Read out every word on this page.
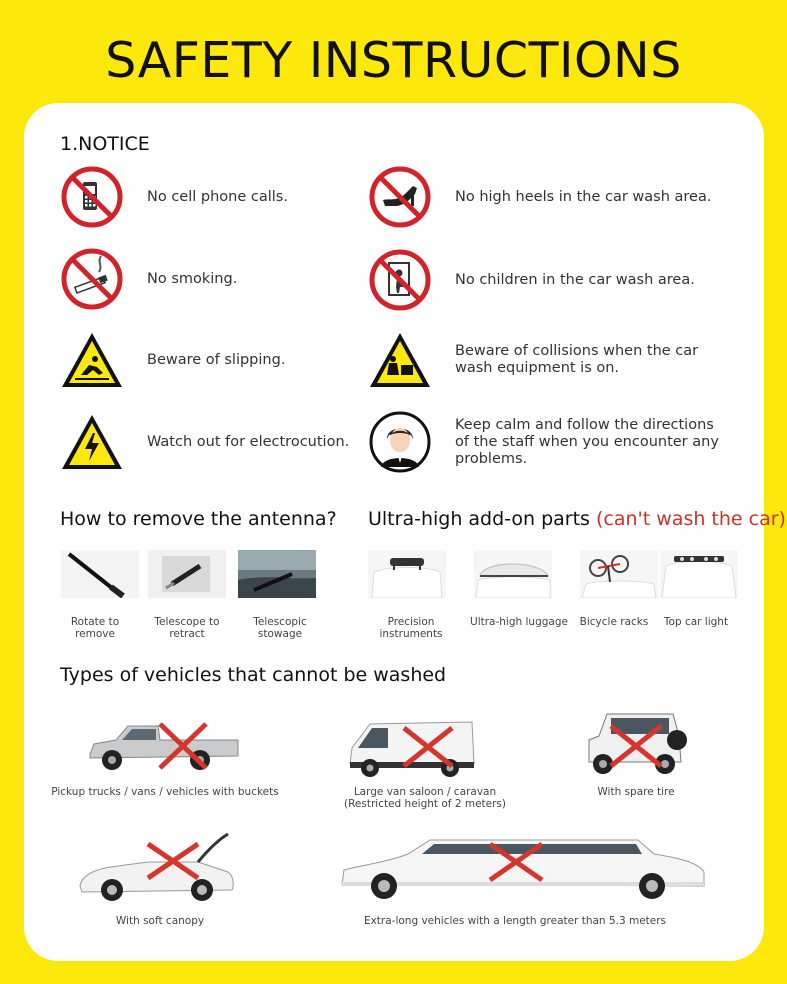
SAFETY INSTRUCTIONS
1.NOTICE
No cell phone calls.	No high heels in the car wash area.
No smoking.	No children in the car wash area.
Beware of slipping.
Beware of collisions when the car wash equipment is on.
Watch out for electrocution.
Keep calm and follow the directions of the staff when you encounter any problems.
How to remove the antenna?
Rotate to remove
Telescope to retract
Telescopic stowage
Ultra-high add-on parts (can't wash the car)
Precision instruments
Ultra-high luggage	Bicycle racks	Top car light
Types of vehicles that cannot be washed
Pickup trucks / vans / vehicles with buckets	Large van saloon / caravan
(Restricted height of 2 meters)
With spare tire
With soft canopy	Extra-long vehicles with a length greater than 5.3 meters
